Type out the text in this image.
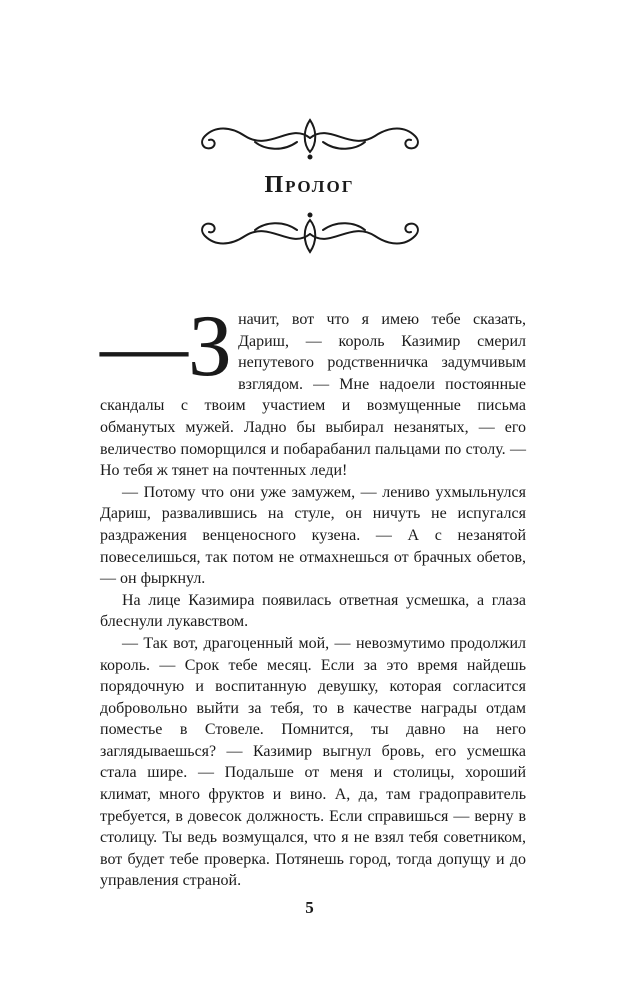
Пролог

—З начит, вот что я имею тебе сказать, Дариш, — король Казимир смерил непутевого родственничка задумчивым взглядом. — Мне надоели постоянные скандалы с твоим участием и возмущенные письма обманутых мужей. Ладно бы выбирал незанятых, — его величество поморщился и побарабанил пальцами по столу. — Но тебя ж тянет на почтенных леди!

— Потому что они уже замужем, — лениво ухмыльнулся Дариш, развалившись на стуле, он ничуть не испугался раздражения венценосного кузена. — А с незанятой повеселишься, так потом не отмахнешься от брачных обетов, — он фыркнул.

На лице Казимира появилась ответная усмешка, а глаза блеснули лукавством.

— Так вот, драгоценный мой, — невозмутимо продолжил король. — Срок тебе месяц. Если за это время найдешь порядочную и воспитанную девушку, которая согласится добровольно выйти за тебя, то в качестве награды отдам поместье в Стовеле. Помнится, ты давно на него заглядываешься? — Казимир выгнул бровь, его усмешка стала шире. — Подальше от меня и столицы, хороший климат, много фруктов и вино. А, да, там градоправитель требуется, в довесок должность. Если справишься — верну в столицу. Ты ведь возмущался, что я не взял тебя советником, вот будет тебе проверка. Потянешь город, тогда допущу и до управления страной.

5
